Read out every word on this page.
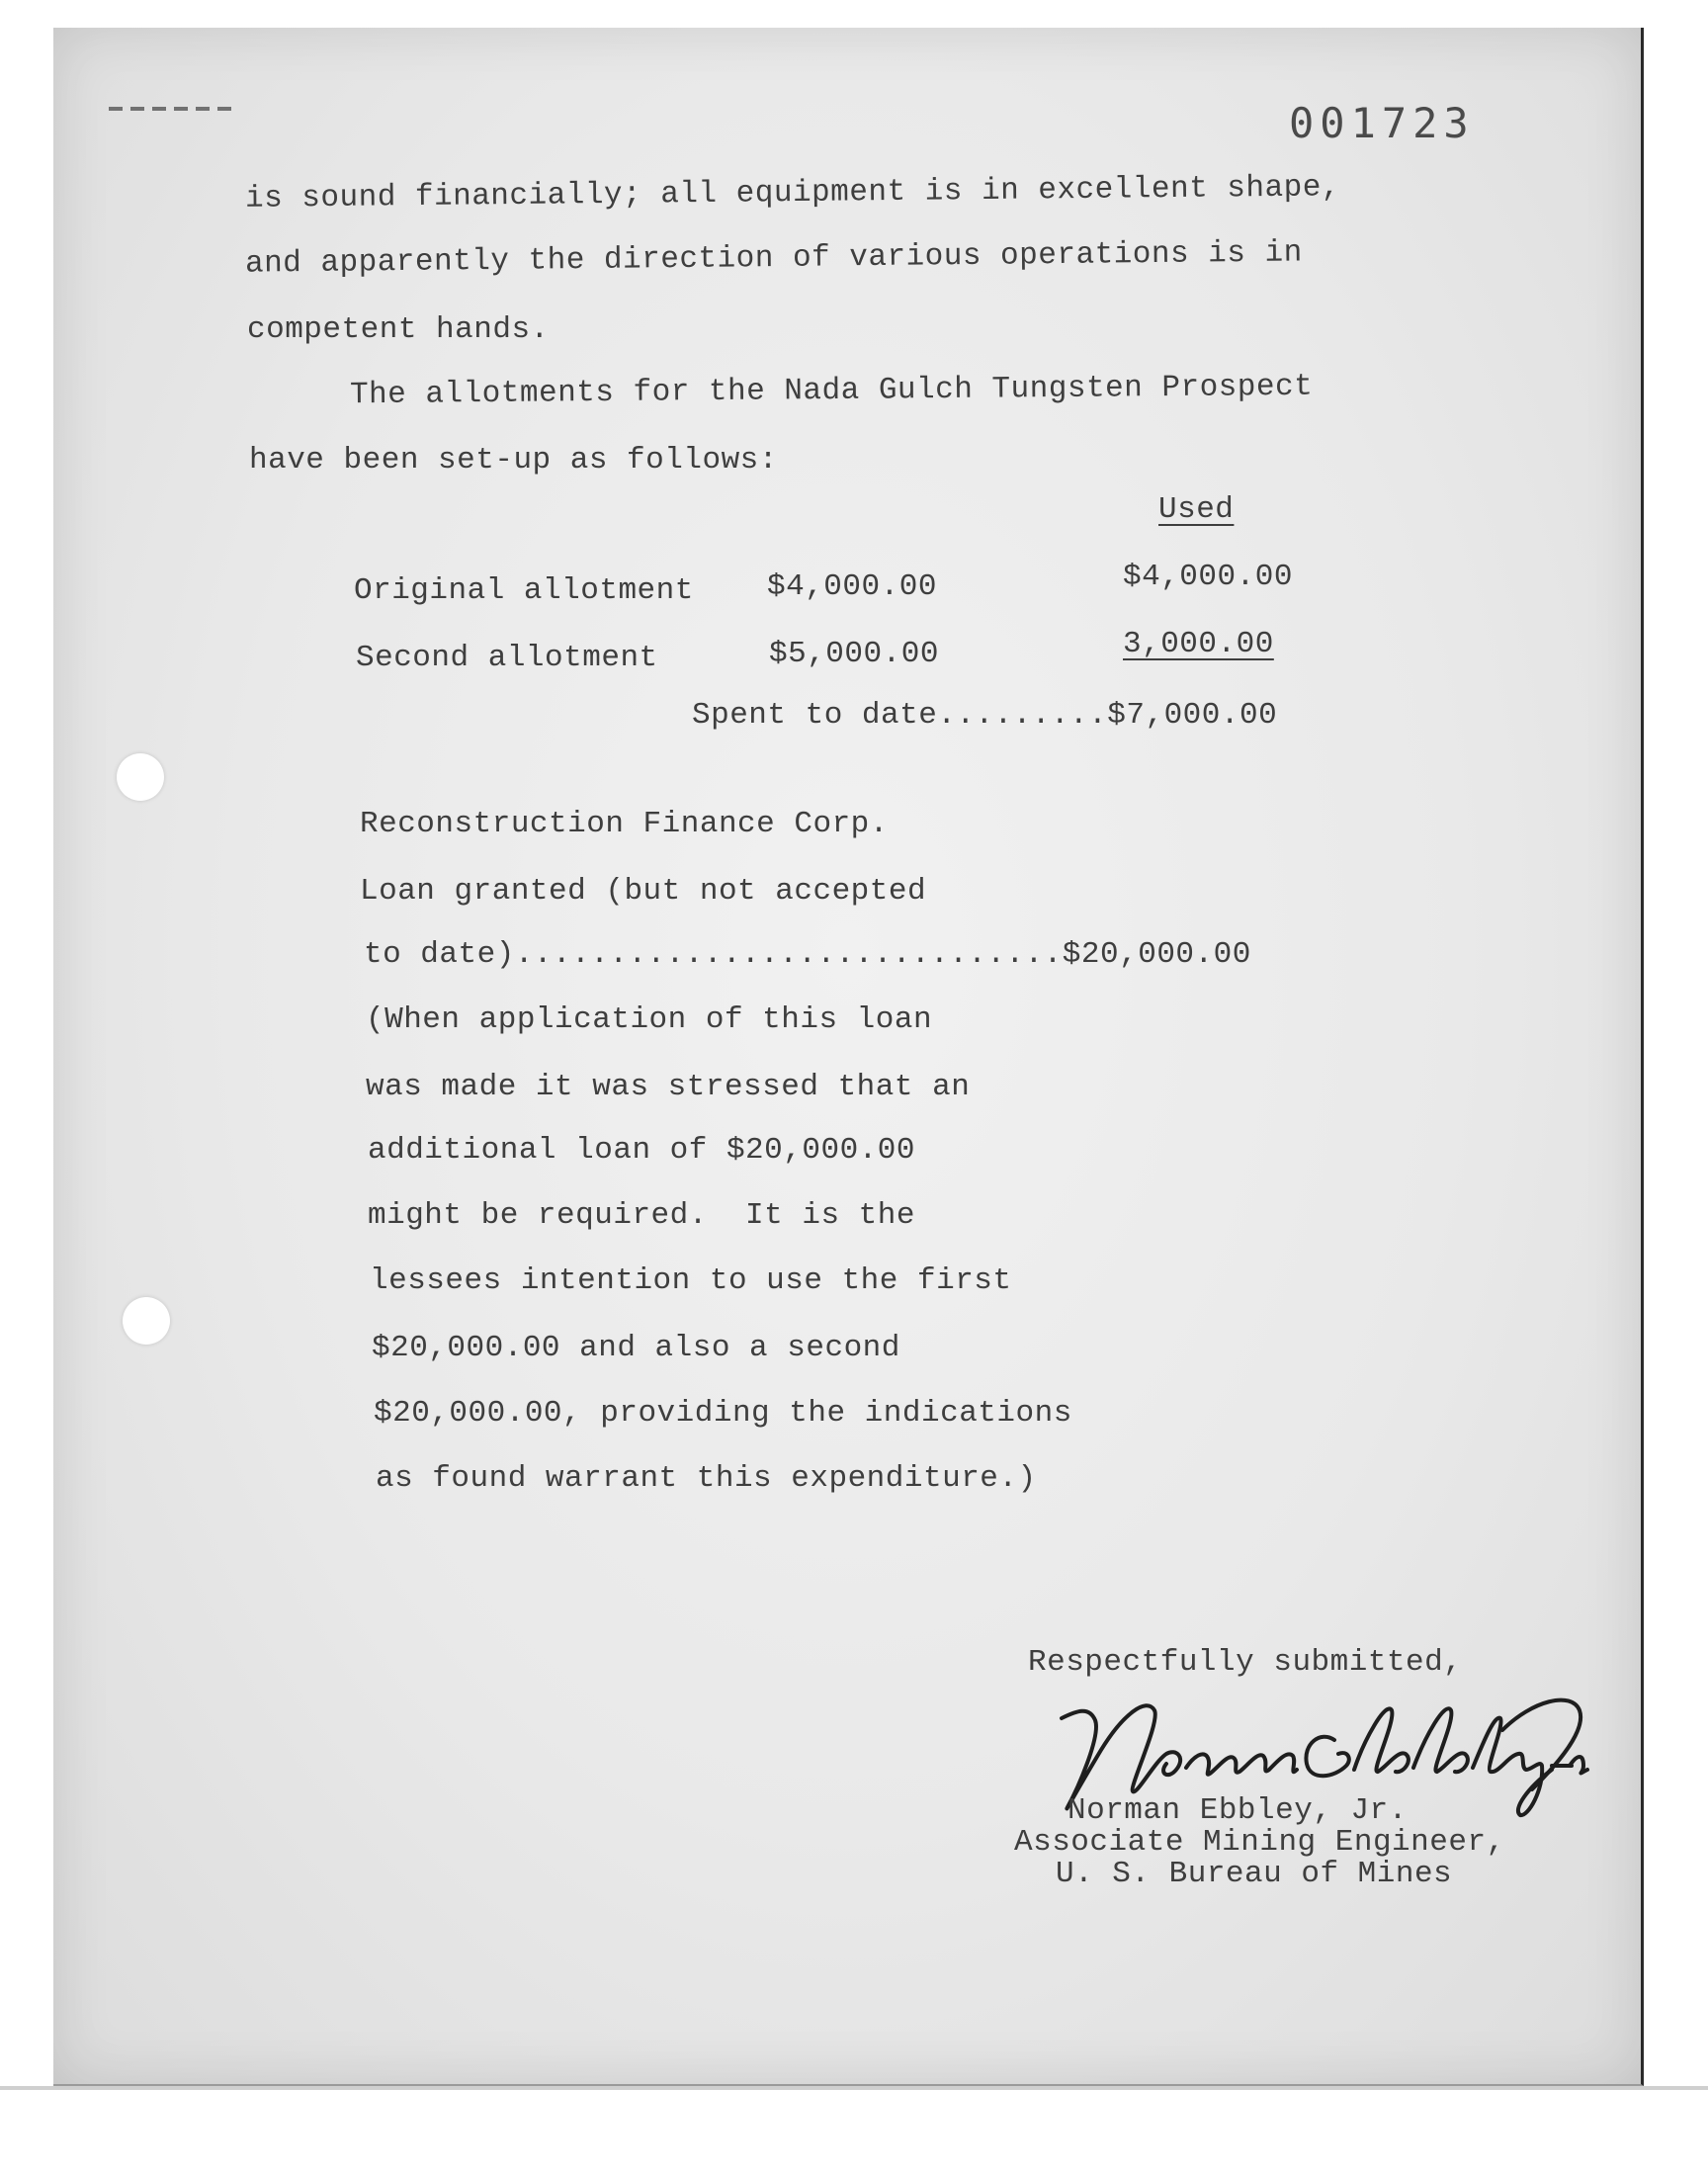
001723

is sound financially; all equipment is in excellent shape,

and apparently the direction of various operations is in

competent hands.

The allotments for the Nada Gulch Tungsten Prospect

have been set-up as follows:

Used

Original allotment $4,000.00	$4,000.00

Second allotment	$5,000.00	3,000.00

Spent to date.........$7,000.00

Reconstruction Finance Corp.

Loan granted (but not accepted

to date).............................$20,000.00

(When application of this loan

was made it was stressed that an

additional loan of $20,000.00

might be required.  It is the

lessees intention to use the first

$20,000.00 and also a second

$20,000.00, providing the indications

as found warrant this expenditure.)

Respectfully submitted,

Norman Ebbley, Jr.

Associate Mining Engineer,

U. S. Bureau of Mines
